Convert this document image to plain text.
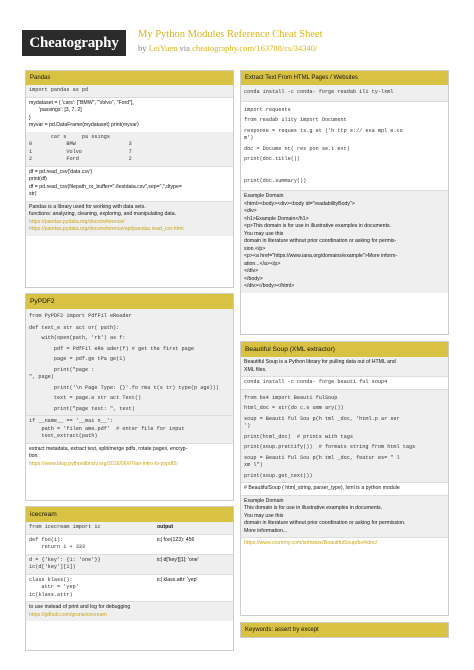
Cheatography
My Python Modules Reference Cheat Sheet
by LeiYuen via cheatography.com/163788/cs/34340/
Pandas
import pandas as pd
mydataset = { 'cars': ["BMW", "Volvo", "Ford"],
'passings': [3, 7, 2]
}
myvar = pd.DataFrame(mydataset) print(myvar)
car s     pa ssings
0           BMW                 3
1           Volvo               7
2           Ford                2
df = pd.read_csv('data.csv')
print(df)
df = pd.read_csv(filepath_or_buffer="./testdata.csv",sep=",",dtype=
str)
Pandas is a library used for working with data sets.
functions: analyzing, cleaning, exploring, and manipulating data.
https://pandas.pydata.org/docs/reference/
https://pandas.pydata.org/docs/reference/api/pandas.read_csv.html
PyPDF2
from PyPDF2 import PdfFil eReader
def text_e str act or( path):
with(open(path, 'rb') as f:
pdf = PdfFil eRe ader(f) # get the first page
page = pdf.ge tPa ge(1)
print("page :
", page)
print('\n Page Type: {}'.fo rma t(s tr) type(p age)))
text = page.e xtr act Text()
print("page text: ", text)
if __name__ == '__mai n__':
path = 'filen ame.pdf'  # enter file for input
text_extract(path)
extract metadata, extract text, split/merge pdfs, rotate pages, encryp-
tion:
https://www.blog.pythonlibrary.org/2018/06/07/an-intro-to-pypdf2/
icecream
from icecream import ic	output
def foo(i):
return i + 333
ic| foo(123): 456
d = {'key': {1: 'one'}}
ic(d['key'][1])
ic| d['key'][1]: 'one'
class klass():
attr = 'yep'
ic(klass.attr)
ic| klass.attr: 'yep'
to use instead of print and log for debugging
https://github.com/gruns/icecream
Extract Text From HTML Pages / Websites
conda install -c conda- forge readab ili ty-lxml
import requests
from readab ility import Document
response = reques ts.g et ('h ttp s:// exa mpl e.co
m')
doc = Docume nt( res pon se.t ext)
print(doc.title())
print(doc.summary())
Example Domain
<html><body><div><body id="readabilityBody">
<div>
<h1>Example Domain</h1>
<p>This domain is for use in illustrative examples in documents.
You may use this
domain in literature without prior coordination or asking for permis-
sion.</p>
<p><a href="https://www.iana.org/domains/example">More inform-
ation...</a></p>
</div>
</body>
</div></body></html>
Beautiful Soup (XML extractor)
Beautiful Soup is a Python library for pulling data out of HTML and
XML files.
conda install -c conda- forge beauti ful soup4
from bs4 import Beauti fulSoup
html_doc = str(do c.s umm ary())
soup = Beauti ful Sou p(h tml _doc, 'html.p ar ser
')
print(html_doc)  # prints with tags
print(soup.prettify())  # formats string from html tags
soup = Beauti ful Sou p(h tml _doc, featur es= " l
xm l")
print(soup.get_text())
# BeautifulSoup ( html_string, parser_type), lxml is a python module
Example Domain
This domain is for use in illustrative examples in documents.
You may use this
domain in literature without prior coordination or asking for permission.
More information...
https://www.crummy.com/software/BeautifulSoup/bs4/doc/
Keywords: assert try except
